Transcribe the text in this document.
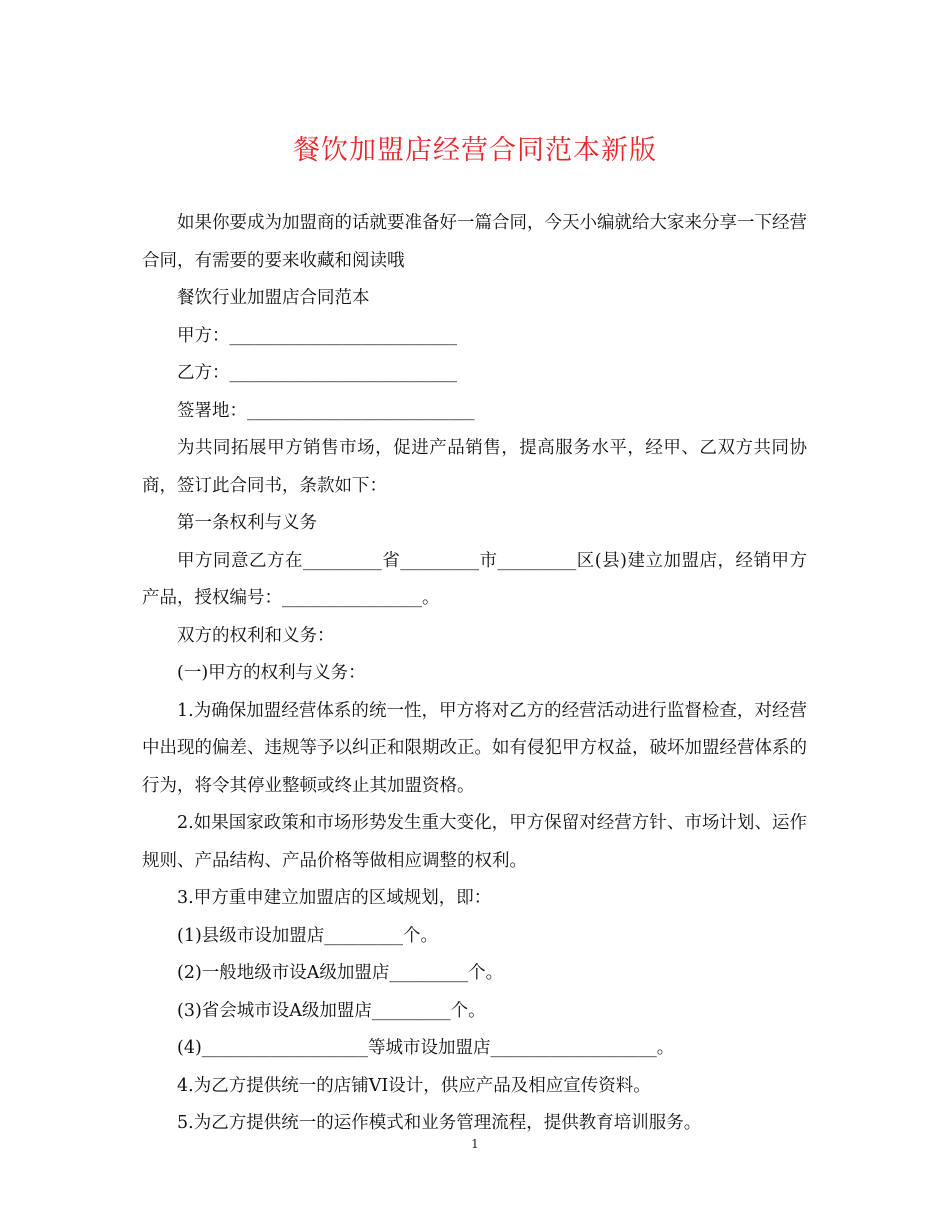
餐饮加盟店经营合同范本新版

如果你要成为加盟商的话就要准备好一篇合同，今天小编就给大家来分享一下经营合同，有需要的要来收藏和阅读哦

餐饮行业加盟店合同范本

甲方：__________________________

乙方：__________________________

签署地：__________________________

为共同拓展甲方销售市场，促进产品销售，提高服务水平，经甲、乙双方共同协商，签订此合同书，条款如下：

第一条权利与义务

甲方同意乙方在_________省_________市_________区(县)建立加盟店，经销甲方产品，授权编号：________________。

双方的权利和义务：

(一)甲方的权利与义务：

1.为确保加盟经营体系的统一性，甲方将对乙方的经营活动进行监督检查，对经营中出现的偏差、违规等予以纠正和限期改正。如有侵犯甲方权益，破坏加盟经营体系的行为，将令其停业整顿或终止其加盟资格。

2.如果国家政策和市场形势发生重大变化，甲方保留对经营方针、市场计划、运作规则、产品结构、产品价格等做相应调整的权利。

3.甲方重申建立加盟店的区域规划，即：

(1)县级市设加盟店_________个。

(2)一般地级市设A级加盟店_________个。

(3)省会城市设A级加盟店_________个。

(4)___________________等城市设加盟店___________________。

4.为乙方提供统一的店铺VI设计，供应产品及相应宣传资料。

5.为乙方提供统一的运作模式和业务管理流程，提供教育培训服务。

1
